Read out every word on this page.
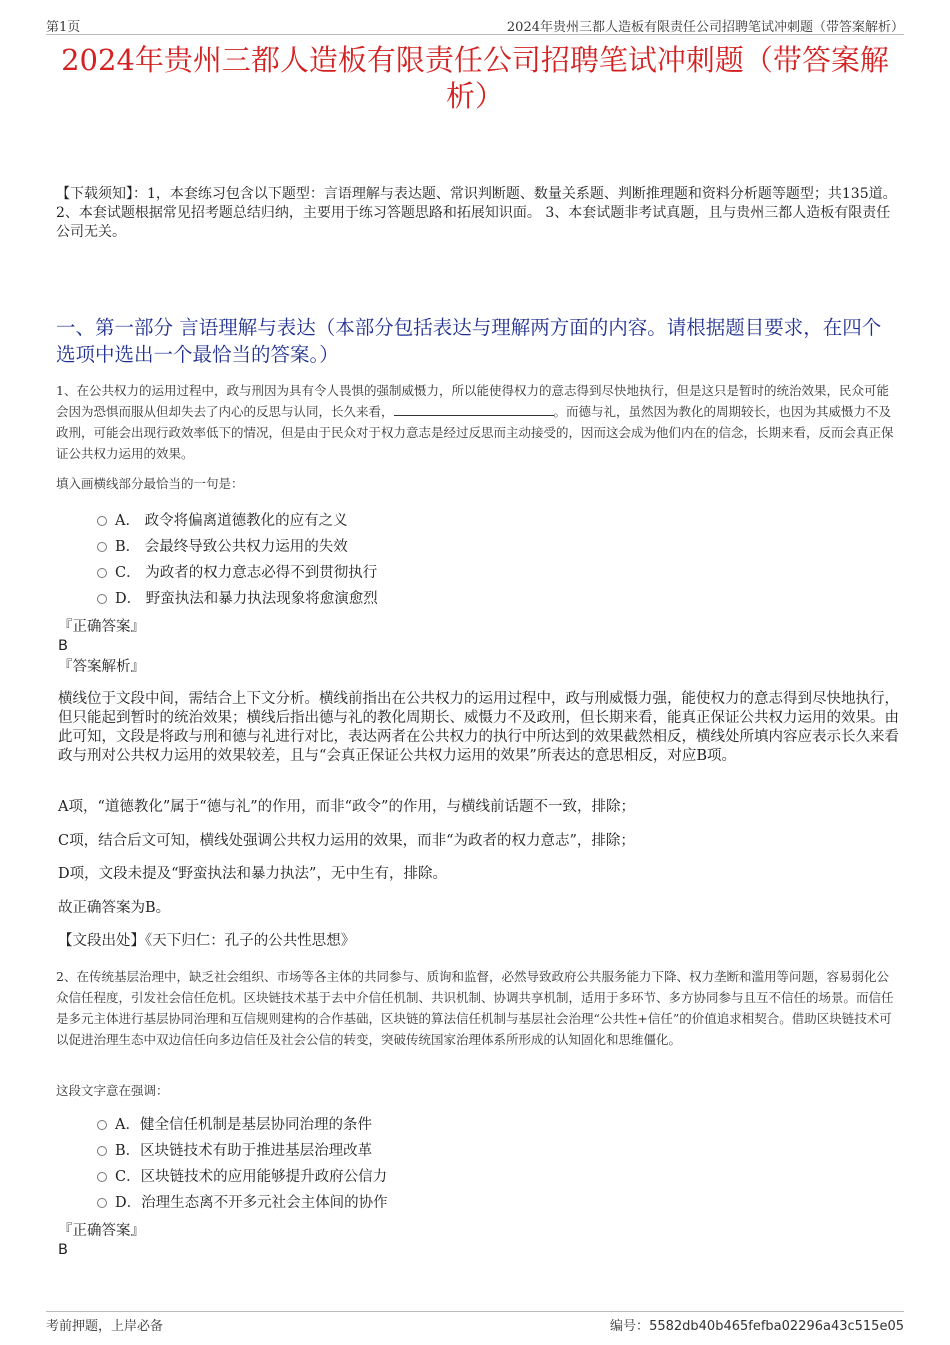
第1页	2024年贵州三都人造板有限责任公司招聘笔试冲刺题（带答案解析）
2024年贵州三都人造板有限责任公司招聘笔试冲刺题（带答案解析）
【下载须知】：1，本套练习包含以下题型：言语理解与表达题、常识判断题、数量关系题、判断推理题和资料分析题等题型；共135道。 2、本套试题根据常见招考题总结归纳，主要用于练习答题思路和拓展知识面。 3、本套试题非考试真题，且与贵州三都人造板有限责任公司无关。
一、第一部分 言语理解与表达（本部分包括表达与理解两方面的内容。请根据题目要求，在四个选项中选出一个最恰当的答案。）
1、在公共权力的运用过程中，政与刑因为具有令人畏惧的强制威慑力，所以能使得权力的意志得到尽快地执行，但是这只是暂时的统治效果，民众可能会因为恐惧而服从但却失去了内心的反思与认同，长久来看，	。而德与礼，虽然因为教化的周期较长，也因为其威慑力不及政刑，可能会出现行政效率低下的情况，但是由于民众对于权力意志是经过反思而主动接受的，因而这会成为他们内在的信念，长期来看，反而会真正保证公共权力运用的效果。
填入画横线部分最恰当的一句是：
A． 政令将偏离道德教化的应有之义
B． 会最终导致公共权力运用的失效
C． 为政者的权力意志必得不到贯彻执行
D． 野蛮执法和暴力执法现象将愈演愈烈
『正确答案』
B
『答案解析』
横线位于文段中间，需结合上下文分析。横线前指出在公共权力的运用过程中，政与刑威慑力强，能使权力的意志得到尽快地执行，但只能起到暂时的统治效果；横线后指出德与礼的教化周期长、威慑力不及政刑，但长期来看，能真正保证公共权力运用的效果。由此可知，文段是将政与刑和德与礼进行对比，表达两者在公共权力的执行中所达到的效果截然相反，横线处所填内容应表示长久来看政与刑对公共权力运用的效果较差，且与“会真正保证公共权力运用的效果”所表达的意思相反，对应B项。
A项，“道德教化”属于“德与礼”的作用，而非“政令”的作用，与横线前话题不一致，排除；
C项，结合后文可知，横线处强调公共权力运用的效果，而非“为政者的权力意志”，排除；
D项，文段未提及“野蛮执法和暴力执法”，无中生有，排除。
故正确答案为B。
【文段出处】《天下归仁：孔子的公共性思想》
2、在传统基层治理中，缺乏社会组织、市场等各主体的共同参与、质询和监督，必然导致政府公共服务能力下降、权力垄断和滥用等问题，容易弱化公众信任程度，引发社会信任危机。区块链技术基于去中介信任机制、共识机制、协调共享机制，适用于多环节、多方协同参与且互不信任的场景。而信任是多元主体进行基层协同治理和互信规则建构的合作基础，区块链的算法信任机制与基层社会治理“公共性+信任”的价值追求相契合。借助区块链技术可以促进治理生态中双边信任向多边信任及社会公信的转变，突破传统国家治理体系所形成的认知固化和思维僵化。
这段文字意在强调：
A．健全信任机制是基层协同治理的条件
B．区块链技术有助于推进基层治理改革
C．区块链技术的应用能够提升政府公信力
D．治理生态离不开多元社会主体间的协作
『正确答案』
B
考前押题，上岸必备	编号：5582db40b465fefba02296a43c515e05
